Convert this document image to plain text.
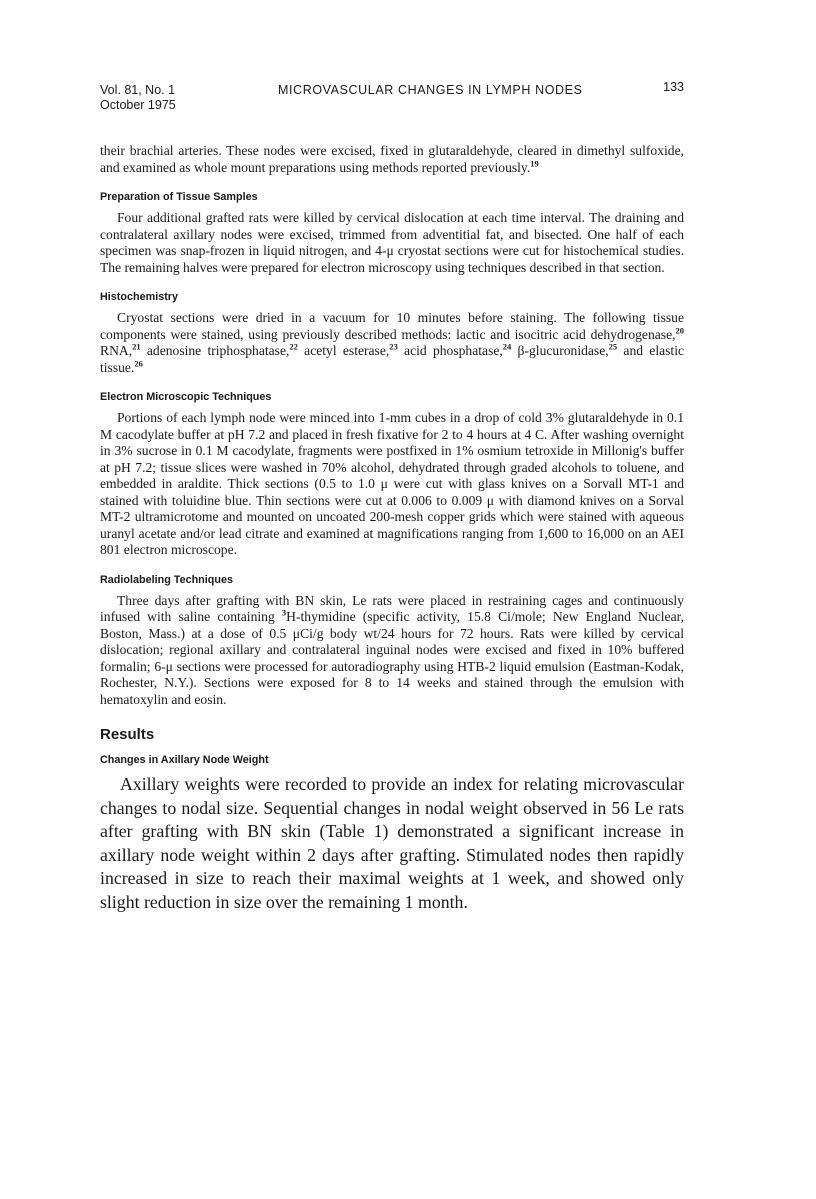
Vol. 81, No. 1
October 1975
MICROVASCULAR CHANGES IN LYMPH NODES	133

their brachial arteries. These nodes were excised, fixed in glutaraldehyde, cleared in dimethyl sulfoxide, and examined as whole mount preparations using methods reported previously.$^{19}$

Preparation of Tissue Samples

Four additional grafted rats were killed by cervical dislocation at each time interval. The draining and contralateral axillary nodes were excised, trimmed from adventitial fat, and bisected. One half of each specimen was snap-frozen in liquid nitrogen, and 4-μ cryostat sections were cut for histochemical studies. The remaining halves were prepared for electron microscopy using techniques described in that section.

Histochemistry

Cryostat sections were dried in a vacuum for 10 minutes before staining. The following tissue components were stained, using previously described methods: lactic and isocitric acid dehydrogenase,$^{20}$ RNA,$^{21}$ adenosine triphosphatase,$^{22}$ acetyl esterase,$^{23}$ acid phosphatase,$^{24}$ β-glucuronidase,$^{25}$ and elastic tissue.$^{26}$

Electron Microscopic Techniques

Portions of each lymph node were minced into 1-mm cubes in a drop of cold 3% glutaraldehyde in 0.1 M cacodylate buffer at pH 7.2 and placed in fresh fixative for 2 to 4 hours at 4 C. After washing overnight in 3% sucrose in 0.1 M cacodylate, fragments were postfixed in 1% osmium tetroxide in Millonig's buffer at pH 7.2; tissue slices were washed in 70% alcohol, dehydrated through graded alcohols to toluene, and embedded in araldite. Thick sections (0.5 to 1.0 μ were cut with glass knives on a Sorvall MT-1 and stained with toluidine blue. Thin sections were cut at 0.006 to 0.009 μ with diamond knives on a Sorval MT-2 ultramicrotome and mounted on uncoated 200-mesh copper grids which were stained with aqueous uranyl acetate and/or lead citrate and examined at magnifications ranging from 1,600 to 16,000 on an AEI 801 electron microscope.

Radiolabeling Techniques

Three days after grafting with BN skin, Le rats were placed in restraining cages and continuously infused with saline containing $^3$H-thymidine (specific activity, 15.8 Ci/mole; New England Nuclear, Boston, Mass.) at a dose of 0.5 μCi/g body wt/24 hours for 72 hours. Rats were killed by cervical dislocation; regional axillary and contralateral inguinal nodes were excised and fixed in 10% buffered formalin; 6-μ sections were processed for autoradiography using HTB-2 liquid emulsion (Eastman-Kodak, Rochester, N.Y.). Sections were exposed for 8 to 14 weeks and stained through the emulsion with hematoxylin and eosin.

Results
Changes in Axillary Node Weight

Axillary weights were recorded to provide an index for relating microvascular changes to nodal size. Sequential changes in nodal weight observed in 56 Le rats after grafting with BN skin (Table 1) demonstrated a significant increase in axillary node weight within 2 days after grafting. Stimulated nodes then rapidly increased in size to reach their maximal weights at 1 week, and showed only slight reduction in size over the remaining 1 month.
